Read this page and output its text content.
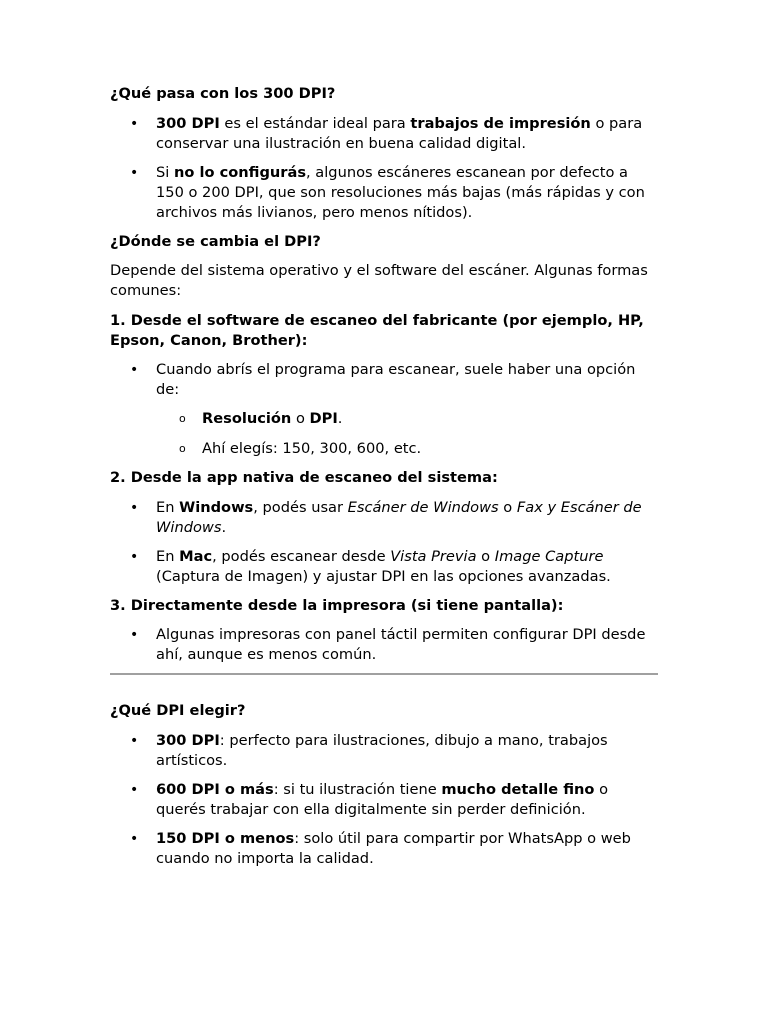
¿Qué pasa con los 300 DPI?

• 300 DPI es el estándar ideal para trabajos de impresión o para conservar una ilustración en buena calidad digital.
• Si no lo configurás, algunos escáneres escanean por defecto a 150 o 200 DPI, que son resoluciones más bajas (más rápidas y con archivos más livianos, pero menos nítidos).

¿Dónde se cambia el DPI?

Depende del sistema operativo y el software del escáner. Algunas formas comunes:

1. Desde el software de escaneo del fabricante (por ejemplo, HP, Epson, Canon, Brother):

• Cuando abrís el programa para escanear, suele haber una opción de:
o Resolución o DPI.
o Ahí elegís: 150, 300, 600, etc.

2. Desde la app nativa de escaneo del sistema:

• En Windows, podés usar Escáner de Windows o Fax y Escáner de Windows.
• En Mac, podés escanear desde Vista Previa o Image Capture (Captura de Imagen) y ajustar DPI en las opciones avanzadas.

3. Directamente desde la impresora (si tiene pantalla):

• Algunas impresoras con panel táctil permiten configurar DPI desde ahí, aunque es menos común.

¿Qué DPI elegir?

• 300 DPI: perfecto para ilustraciones, dibujo a mano, trabajos artísticos.
• 600 DPI o más: si tu ilustración tiene mucho detalle fino o querés trabajar con ella digitalmente sin perder definición.
• 150 DPI o menos: solo útil para compartir por WhatsApp o web cuando no importa la calidad.
